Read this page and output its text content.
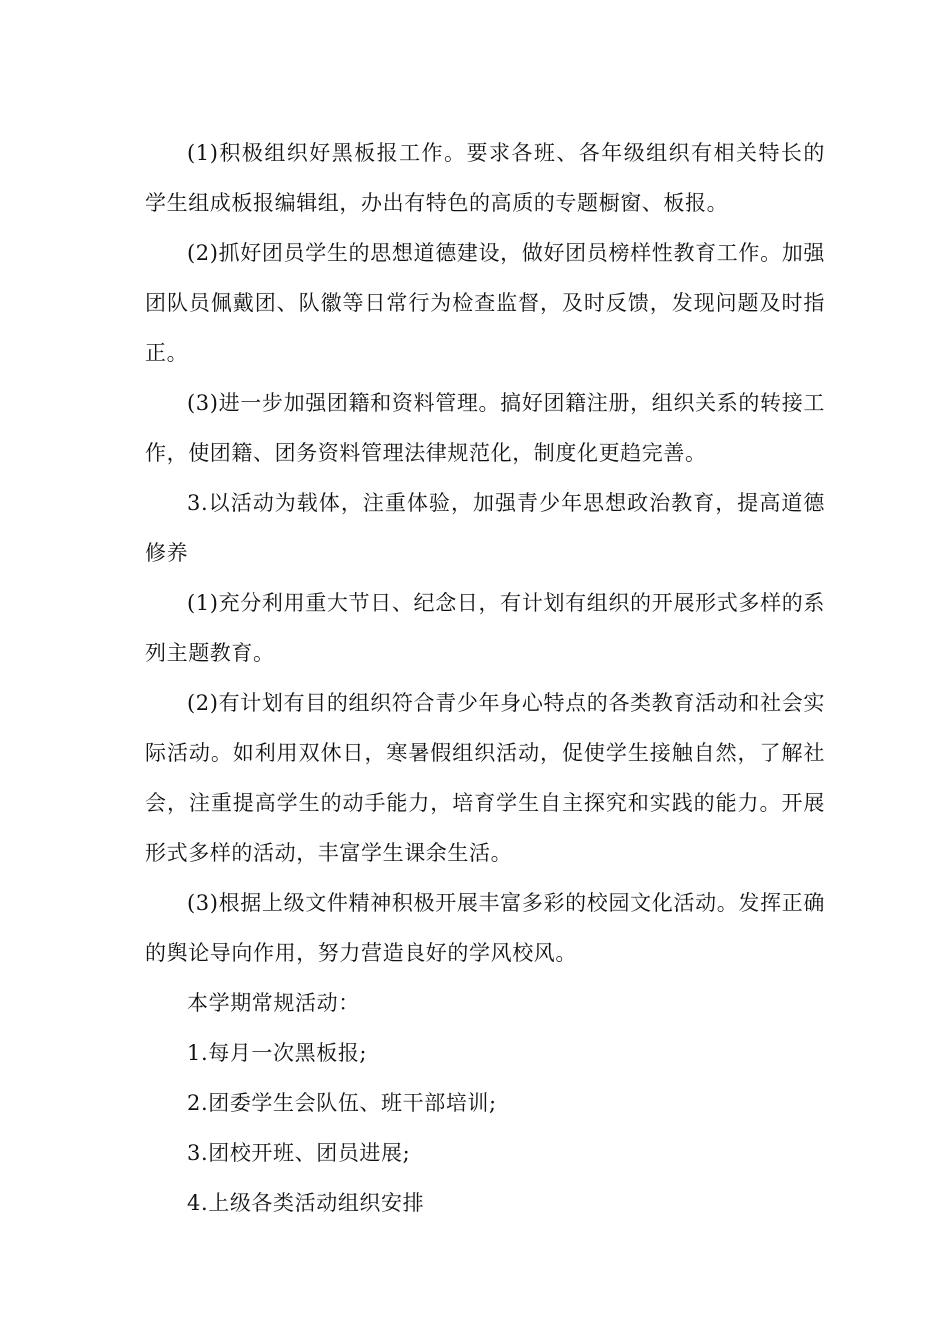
(1)积极组织好黑板报工作。要求各班、各年级组织有相关特长的 学生组成板报编辑组，办出有特色的高质的专题橱窗、板报。

(2)抓好团员学生的思想道德建设，做好团员榜样性教育工作。加强团队员佩戴团、队徽等日常行为检查监督，及时反馈，发现问题及时指正。

(3)进一步加强团籍和资料管理。搞好团籍注册，组织关系的转接工作，使团籍、团务资料管理法律规范化，制度化更趋完善。

3.以活动为载体，注重体验，加强青少年思想政治教育，提高道德修养

(1)充分利用重大节日、纪念日，有计划有组织的开展形式多样的系列主题教育。

(2)有计划有目的组织符合青少年身心特点的各类教育活动和社会实际活动。如利用双休日，寒暑假组织活动，促使学生接触自然，了解社会，注重提高学生的动手能力，培育学生自主探究和实践的能力。开展形式多样的活动，丰富学生课余生活。

(3)根据上级文件精神积极开展丰富多彩的校园文化活动。发挥正确的舆论导向作用，努力营造良好的学风校风。

本学期常规活动：

1.每月一次黑板报;

2.团委学生会队伍、班干部培训;

3.团校开班、团员进展;

4.上级各类活动组织安排
